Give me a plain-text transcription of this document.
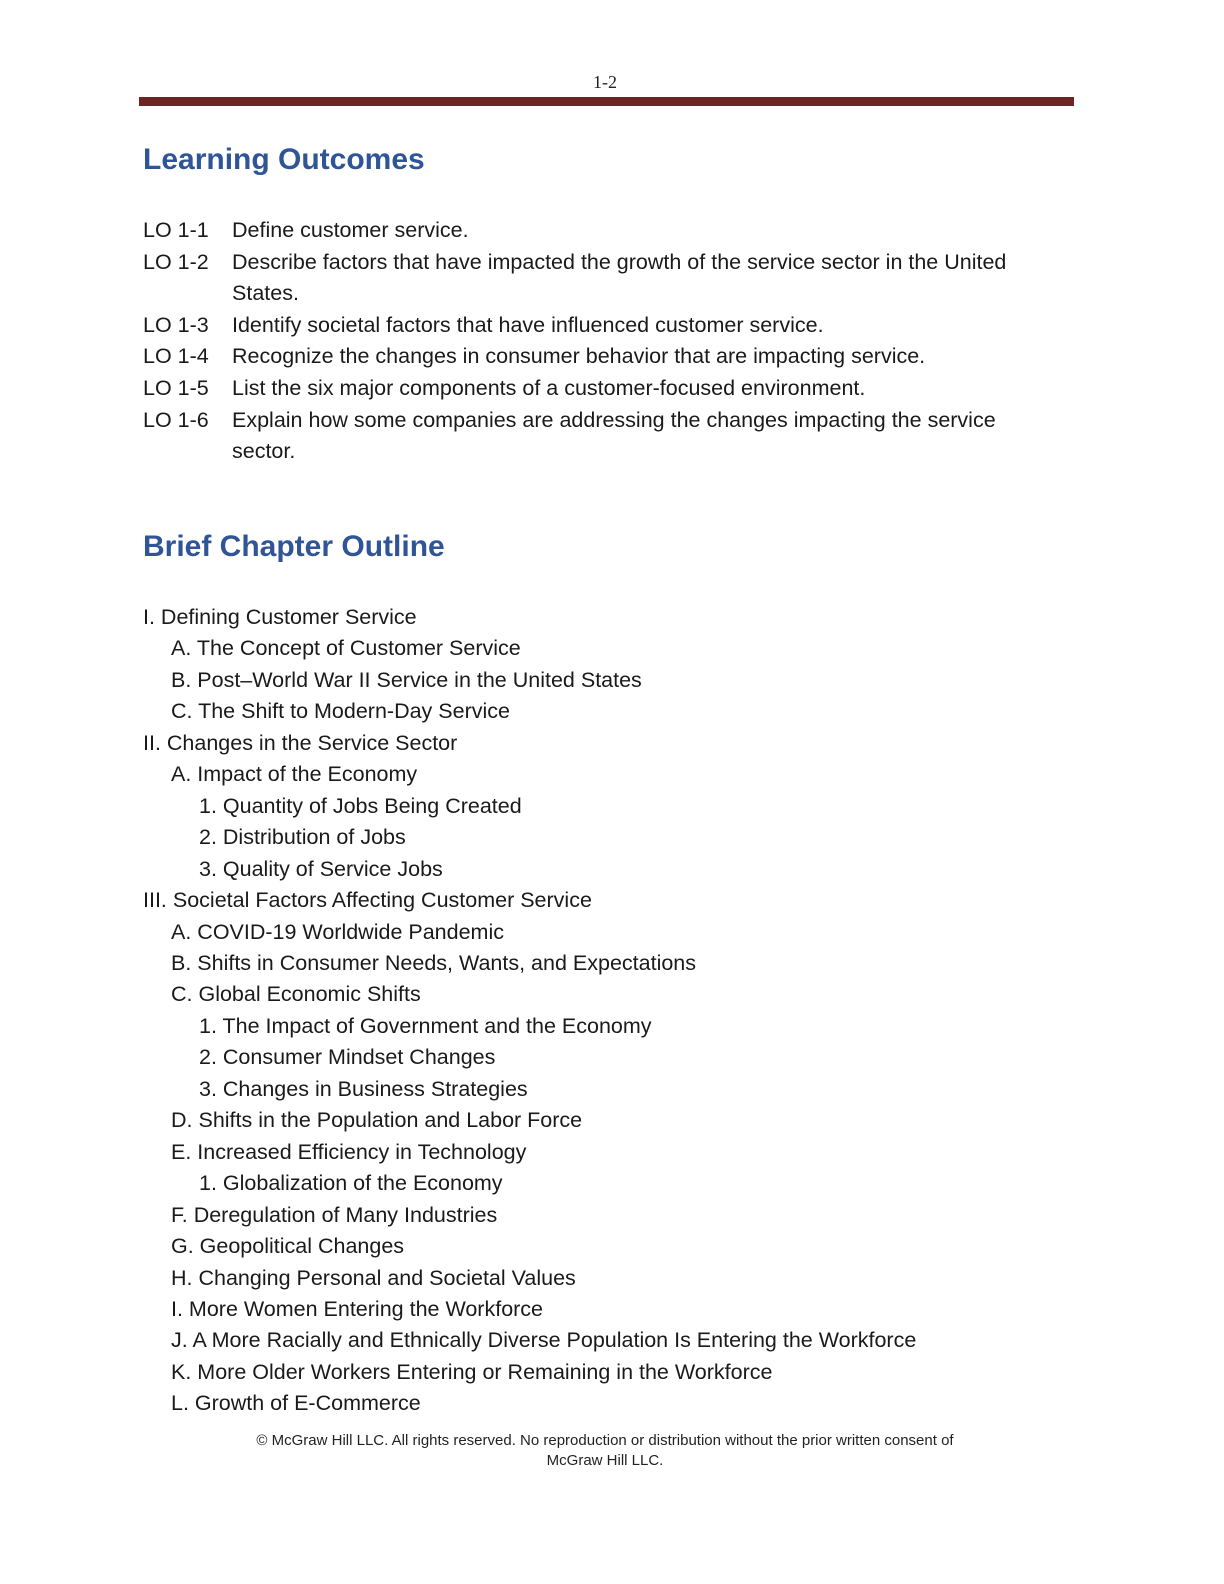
1-2
Learning Outcomes
LO 1-1	Define customer service.
LO 1-2	Describe factors that have impacted the growth of the service sector in the United States.
LO 1-3	Identify societal factors that have influenced customer service.
LO 1-4	Recognize the changes in consumer behavior that are impacting service.
LO 1-5	List the six major components of a customer-focused environment.
LO 1-6	Explain how some companies are addressing the changes impacting the service sector.
Brief Chapter Outline
I. Defining Customer Service
A. The Concept of Customer Service
B. Post–World War II Service in the United States
C. The Shift to Modern-Day Service
II. Changes in the Service Sector
A. Impact of the Economy
1. Quantity of Jobs Being Created
2. Distribution of Jobs
3. Quality of Service Jobs
III. Societal Factors Affecting Customer Service
A. COVID-19 Worldwide Pandemic
B. Shifts in Consumer Needs, Wants, and Expectations
C. Global Economic Shifts
1. The Impact of Government and the Economy
2. Consumer Mindset Changes
3. Changes in Business Strategies
D. Shifts in the Population and Labor Force
E. Increased Efficiency in Technology
1. Globalization of the Economy
F. Deregulation of Many Industries
G. Geopolitical Changes
H. Changing Personal and Societal Values
I. More Women Entering the Workforce
J. A More Racially and Ethnically Diverse Population Is Entering the Workforce
K. More Older Workers Entering or Remaining in the Workforce
L. Growth of E-Commerce
© McGraw Hill LLC. All rights reserved. No reproduction or distribution without the prior written consent of
McGraw Hill LLC.
